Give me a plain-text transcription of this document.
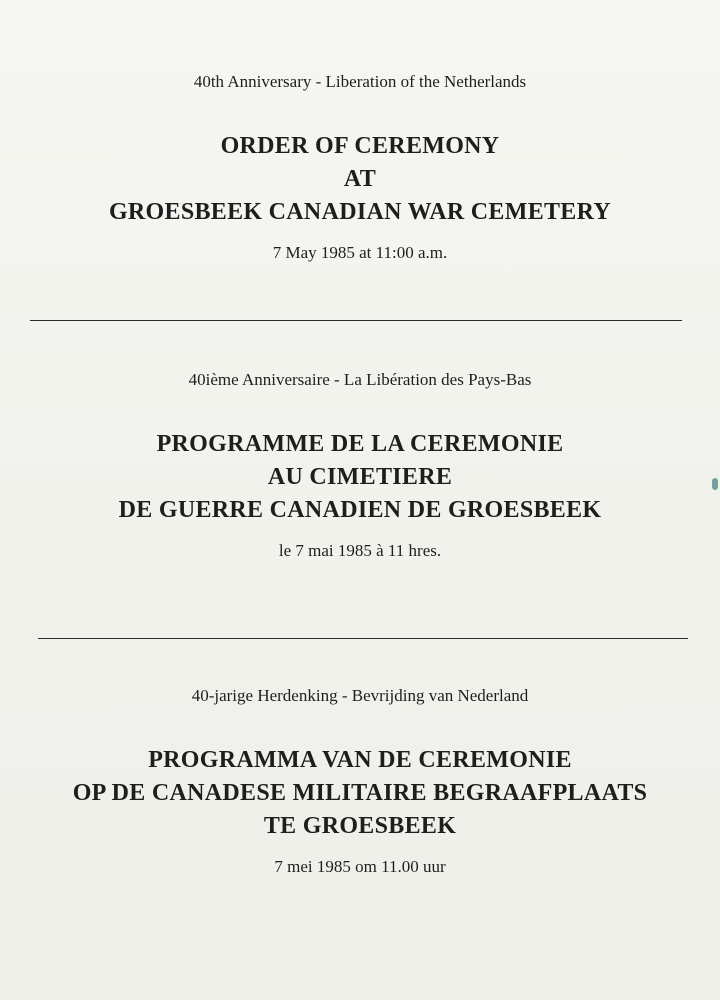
40th Anniversary - Liberation of the Netherlands
ORDER OF CEREMONY
AT
GROESBEEK CANADIAN WAR CEMETERY
7 May 1985 at 11:00 a.m.
40ième Anniversaire - La Libération des Pays-Bas
PROGRAMME DE LA CEREMONIE
AU CIMETIERE
DE GUERRE CANADIEN DE GROESBEEK
le 7 mai 1985 à 11 hres.
40-jarige Herdenking - Bevrijding van Nederland
PROGRAMMA VAN DE CEREMONIE
OP DE CANADESE MILITAIRE BEGRAAFPLAATS
TE GROESBEEK
7 mei 1985 om 11.00 uur
